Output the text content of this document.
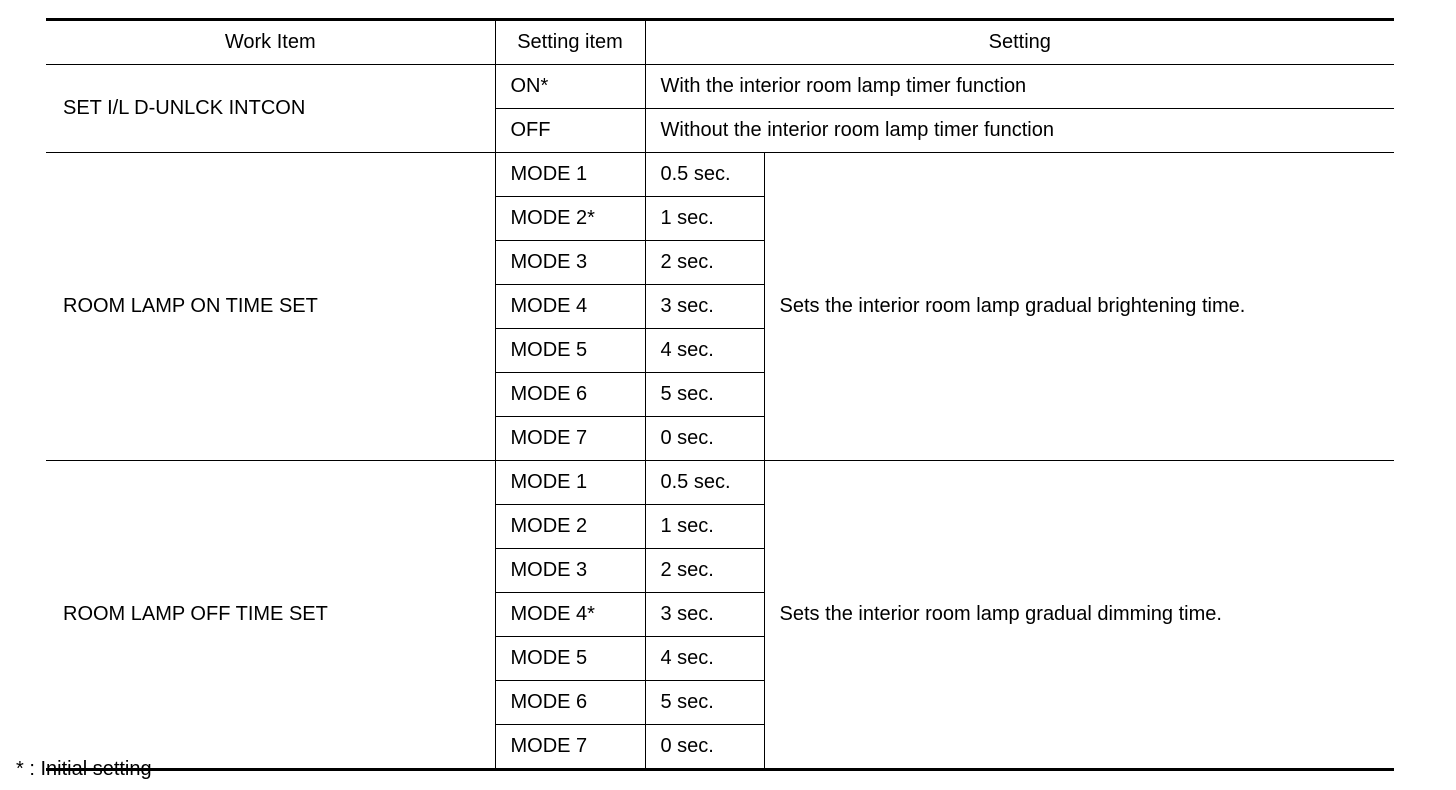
Work Item	Setting item	Setting	
SET I/L D-UNLCK INTCON	ON*	With the interior room lamp timer function	
	OFF	Without the interior room lamp timer function	
ROOM LAMP ON TIME SET	MODE 1	0.5 sec.	Sets the interior room lamp gradual brightening time.
	MODE 2*	1 sec.	
	MODE 3	2 sec.	
	MODE 4	3 sec.	
	MODE 5	4 sec.	
	MODE 6	5 sec.	
	MODE 7	0 sec.	
ROOM LAMP OFF TIME SET	MODE 1	0.5 sec.	Sets the interior room lamp gradual dimming time.
	MODE 2	1 sec.	
	MODE 3	2 sec.	
	MODE 4*	3 sec.	
	MODE 5	4 sec.	
	MODE 6	5 sec.	
	MODE 7	0 sec.	
* : Initial setting
